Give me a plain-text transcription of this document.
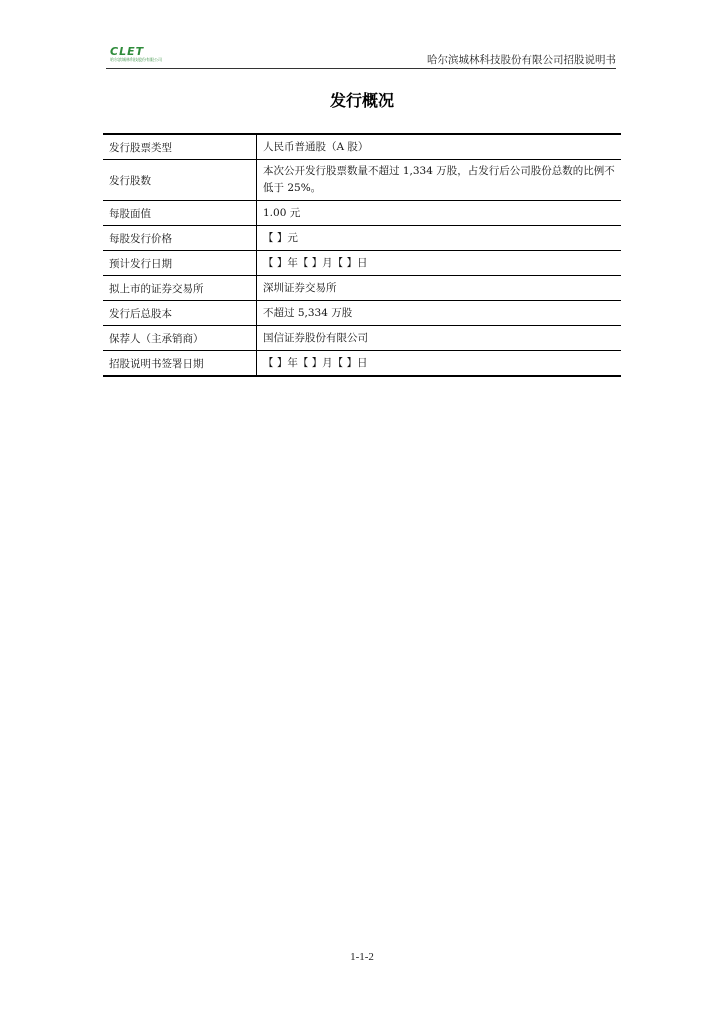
CLET
哈尔滨城林科技股份有限公司	哈尔滨城林科技股份有限公司招股说明书
发行概况
发行股票类型	人民币普通股（A 股）
发行股数	本次公开发行股票数量不超过 1,334 万股，占发行后公司股份总数的比例不低于 25%。
每股面值	1.00 元
每股发行价格	【 】元
预计发行日期	【 】年【 】月【 】日
拟上市的证券交易所	深圳证券交易所
发行后总股本	不超过 5,334 万股
保荐人（主承销商）	国信证券股份有限公司
招股说明书签署日期	【 】年【 】月【 】日
1-1-2
